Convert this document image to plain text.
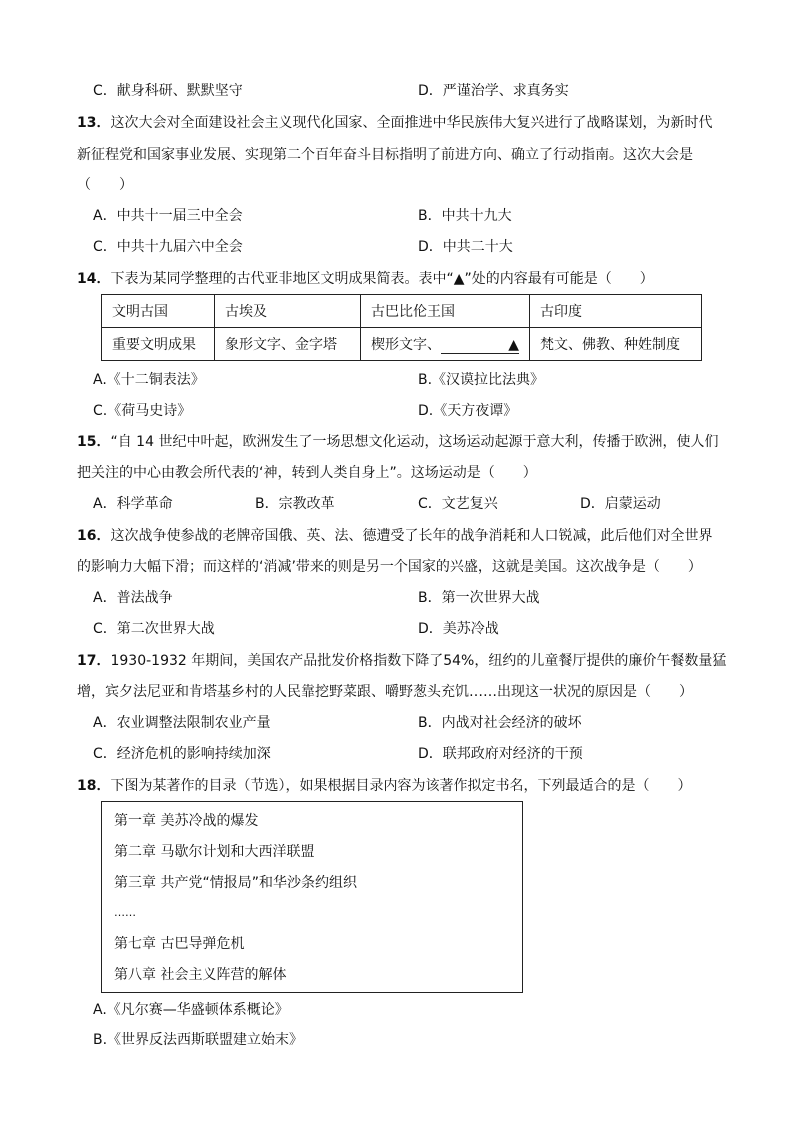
C．献身科研、默默坚守	D．严谨治学、求真务实
13．这次大会对全面建设社会主义现代化国家、全面推进中华民族伟大复兴进行了战略谋划，为新时代
新征程党和国家事业发展、实现第二个百年奋斗目标指明了前进方向、确立了行动指南。这次大会是
（　　）
A．中共十一届三中全会	B．中共十九大
C．中共十九届六中全会	D．中共二十大
14．下表为某同学整理的古代亚非地区文明成果简表。表中“▲”处的内容最有可能是（　　）
文明古国	古埃及	古巴比伦王国	古印度
重要文明成果	象形文字、金字塔	楔形文字、 ▲	梵文、佛教、种姓制度
A.《十二铜表法》	B.《汉谟拉比法典》
C.《荷马史诗》	D.《天方夜谭》
15．“自 14 世纪中叶起，欧洲发生了一场思想文化运动，这场运动起源于意大利，传播于欧洲，使人们
把关注的中心由教会所代表的‘神，转到人类自身上”。这场运动是（　　）
A．科学革命	B．宗教改革	C．文艺复兴	D．启蒙运动
16．这次战争使参战的老牌帝国俄、英、法、德遭受了长年的战争消耗和人口锐减，此后他们对全世界
的影响力大幅下滑；而这样的‘消减’带来的则是另一个国家的兴盛，这就是美国。这次战争是（　　）
A．普法战争	B．第一次世界大战
C．第二次世界大战	D．美苏冷战
17．1930-1932 年期间，美国农产品批发价格指数下降了54%，纽约的儿童餐厅提供的廉价午餐数量猛
增，宾夕法尼亚和肯塔基乡村的人民靠挖野菜跟、嚼野葱头充饥……出现这一状况的原因是（　　）
A．农业调整法限制农业产量	B．内战对社会经济的破坏
C．经济危机的影响持续加深	D．联邦政府对经济的干预
18．下图为某著作的目录（节选），如果根据目录内容为该著作拟定书名，下列最适合的是（　　）
第一章 美苏冷战的爆发
第二章 马歇尔计划和大西洋联盟
第三章 共产党“情报局”和华沙条约组织
……
第七章 古巴导弹危机
第八章 社会主义阵营的解体
A.《凡尔赛—华盛顿体系概论》
B.《世界反法西斯联盟建立始末》
